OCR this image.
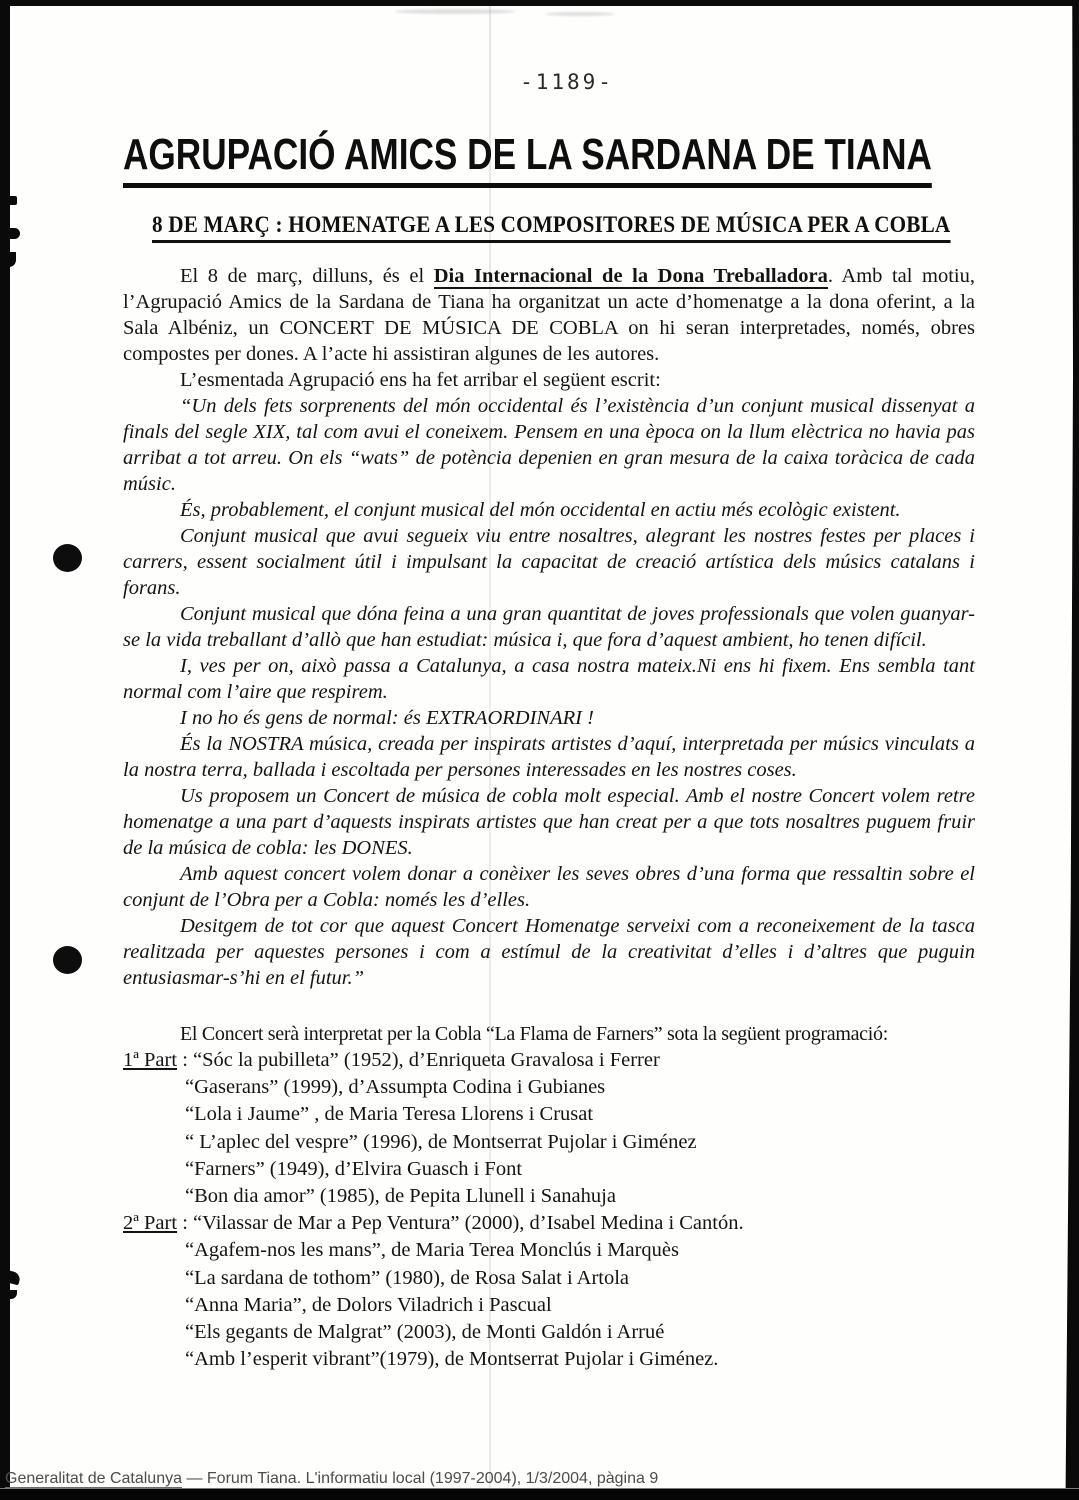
-1189-
AGRUPACIÓ AMICS DE LA SARDANA DE TIANA
8 DE MARÇ : HOMENATGE A LES COMPOSITORES DE MÚSICA PER A COBLA

El 8 de març, dilluns, és el Dia Internacional de la Dona Treballadora. Amb tal motiu, l’Agrupació Amics de la Sardana de Tiana ha organitzat un acte d’homenatge a la dona oferint, a la Sala Albéniz, un CONCERT DE MÚSICA DE COBLA on hi seran interpretades, només, obres compostes per dones. A l’acte hi assistiran algunes de les autores.

L’esmentada Agrupació ens ha fet arribar el següent escrit:

“Un dels fets sorprenents del món occidental és l’existència d’un conjunt musical dissenyat a finals del segle XIX, tal com avui el coneixem. Pensem en una època on la llum elèctrica no havia pas arribat a tot arreu. On els “wats” de potència depenien en gran mesura de la caixa toràcica de cada músic.

És, probablement, el conjunt musical del món occidental en actiu més ecològic existent.

Conjunt musical que avui segueix viu entre nosaltres, alegrant les nostres festes per places i carrers, essent socialment útil i impulsant la capacitat de creació artística dels músics catalans i forans.

Conjunt musical que dóna feina a una gran quantitat de joves professionals que volen guanyar-se la vida treballant d’allò que han estudiat: música i, que fora d’aquest ambient, ho tenen difícil.

I, ves per on, això passa a Catalunya, a casa nostra mateix.Ni ens hi fixem. Ens sembla tant normal com l’aire que respirem.

I no ho és gens de normal: és EXTRAORDINARI !

És la NOSTRA música, creada per inspirats artistes d’aquí, interpretada per músics vinculats a la nostra terra, ballada i escoltada per persones interessades en les nostres coses.

Us proposem un Concert de música de cobla molt especial. Amb el nostre Concert volem retre homenatge a una part d’aquests inspirats artistes que han creat per a que tots nosaltres puguem fruir de la música de cobla: les DONES.

Amb aquest concert volem donar a conèixer les seves obres d’una forma que ressaltin sobre el conjunt de l’Obra per a Cobla: només les d’elles.

Desitgem de tot cor que aquest Concert Homenatge serveixi com a reconeixement de la tasca realitzada per aquestes persones i com a estímul de la creativitat d’elles i d’altres que puguin entusiasmar-s’hi en el futur.”

El Concert serà interpretat per la Cobla “La Flama de Farners” sota la següent programació:

1ª Part : “Sóc la pubilleta” (1952), d’Enriqueta Gravalosa i Ferrer
“Gaserans” (1999), d’Assumpta Codina i Gubianes
“Lola i Jaume” , de Maria Teresa Llorens i Crusat
“ L’aplec del vespre” (1996), de Montserrat Pujolar i Giménez
“Farners” (1949), d’Elvira Guasch i Font
“Bon dia amor” (1985), de Pepita Llunell i Sanahuja
2ª Part : “Vilassar de Mar a Pep Ventura” (2000), d’Isabel Medina i Cantón.
“Agafem-nos les mans”, de Maria Terea Monclús i Marquès
“La sardana de tothom” (1980), de Rosa Salat i Artola
“Anna Maria”, de Dolors Viladrich i Pascual
“Els gegants de Malgrat” (2003), de Monti Galdón i Arrué
“Amb l’esperit vibrant”(1979), de Montserrat Pujolar i Giménez.
Generalitat de Catalunya — Forum Tiana. L'informatiu local (1997-2004), 1/3/2004, pàgina 9
